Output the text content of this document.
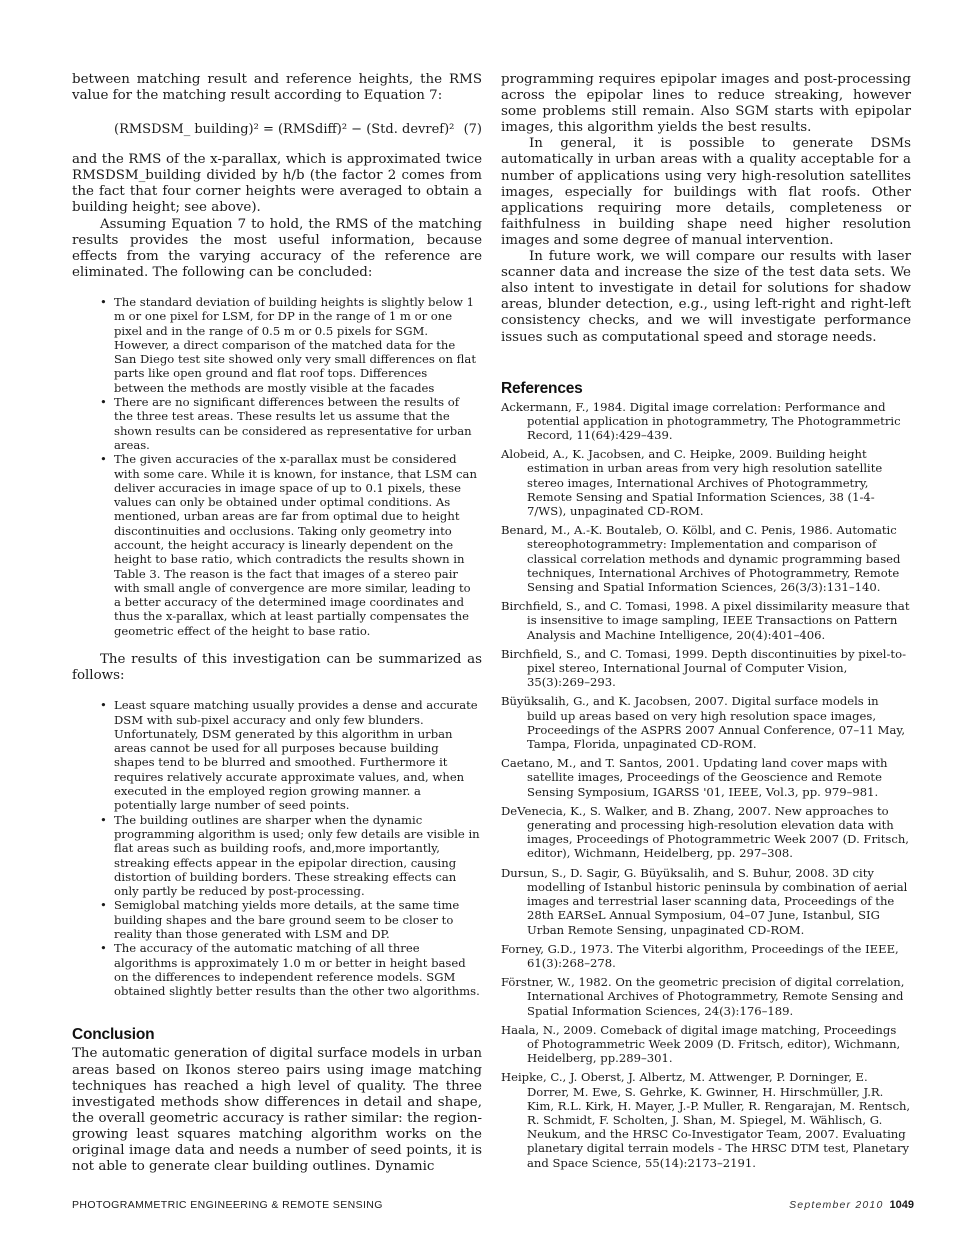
between matching result and reference heights, the RMS value for the matching result according to Equation 7:

(RMSDSM_ building)² = (RMSdiff)² − (Std. devref)² (7)

and the RMS of the x-parallax, which is approximated twice RMSDSM_building divided by h/b (the factor 2 comes from the fact that four corner heights were averaged to obtain a building height; see above).

Assuming Equation 7 to hold, the RMS of the matching results provides the most useful information, because effects from the varying accuracy of the reference are eliminated. The following can be concluded:

• The standard deviation of building heights is slightly below 1 m or one pixel for LSM, for DP in the range of 1 m or one pixel and in the range of 0.5 m or 0.5 pixels for SGM. However, a direct comparison of the matched data for the San Diego test site showed only very small differences on flat parts like open ground and flat roof tops. Differences between the methods are mostly visible at the facades
• There are no significant differences between the results of the three test areas. These results let us assume that the shown results can be considered as representative for urban areas.
• The given accuracies of the x-parallax must be considered with some care. While it is known, for instance, that LSM can deliver accuracies in image space of up to 0.1 pixels, these values can only be obtained under optimal conditions. As mentioned, urban areas are far from optimal due to height discontinuities and occlusions. Taking only geometry into account, the height accuracy is linearly dependent on the height to base ratio, which contradicts the results shown in Table 3. The reason is the fact that images of a stereo pair with small angle of convergence are more similar, leading to a better accuracy of the determined image coordinates and thus the x-parallax, which at least partially compensates the geometric effect of the height to base ratio.

The results of this investigation can be summarized as follows:

• Least square matching usually provides a dense and accurate DSM with sub-pixel accuracy and only few blunders. Unfortunately, DSM generated by this algorithm in urban areas cannot be used for all purposes because building shapes tend to be blurred and smoothed. Furthermore it requires relatively accurate approximate values, and, when executed in the employed region growing manner. a potentially large number of seed points.
• The building outlines are sharper when the dynamic programming algorithm is used; only few details are visible in flat areas such as building roofs, and,more importantly, streaking effects appear in the epipolar direction, causing distortion of building borders. These streaking effects can only partly be reduced by post-processing.
• Semiglobal matching yields more details, at the same time building shapes and the bare ground seem to be closer to reality than those generated with LSM and DP.
• The accuracy of the automatic matching of all three algorithms is approximately 1.0 m or better in height based on the differences to independent reference models. SGM obtained slightly better results than the other two algorithms.
Conclusion

The automatic generation of digital surface models in urban areas based on Ikonos stereo pairs using image matching techniques has reached a high level of quality. The three investigated methods show differences in detail and shape, the overall geometric accuracy is rather similar: the region-growing least squares matching algorithm works on the original image data and needs a number of seed points, it is not able to generate clear building outlines. Dynamic

programming requires epipolar images and post-processing across the epipolar lines to reduce streaking, however some problems still remain. Also SGM starts with epipolar images, this algorithm yields the best results.

In general, it is possible to generate DSMs automatically in urban areas with a quality acceptable for a number of applications using very high-resolution satellites images, especially for buildings with flat roofs. Other applications requiring more details, completeness or faithfulness in building shape need higher resolution images and some degree of manual intervention.

In future work, we will compare our results with laser scanner data and increase the size of the test data sets. We also intent to investigate in detail for solutions for shadow areas, blunder detection, e.g., using left-right and right-left consistency checks, and we will investigate performance issues such as computational speed and storage needs.

References

Ackermann, F., 1984. Digital image correlation: Performance and potential application in photogrammetry, The Photogrammetric Record, 11(64):429–439.

Alobeid, A., K. Jacobsen, and C. Heipke, 2009. Building height estimation in urban areas from very high resolution satellite stereo images, International Archives of Photogrammetry, Remote Sensing and Spatial Information Sciences, 38 (1-4-7/WS), unpaginated CD-ROM.

Benard, M., A.-K. Boutaleb, O. Kölbl, and C. Penis, 1986. Automatic stereophotogrammetry: Implementation and comparison of classical correlation methods and dynamic programming based techniques, International Archives of Photogrammetry, Remote Sensing and Spatial Information Sciences, 26(3/3):131–140.

Birchfield, S., and C. Tomasi, 1998. A pixel dissimilarity measure that is insensitive to image sampling, IEEE Transactions on Pattern Analysis and Machine Intelligence, 20(4):401–406.

Birchfield, S., and C. Tomasi, 1999. Depth discontinuities by pixel-to-pixel stereo, International Journal of Computer Vision, 35(3):269–293.

Büyüksalih, G., and K. Jacobsen, 2007. Digital surface models in build up areas based on very high resolution space images, Proceedings of the ASPRS 2007 Annual Conference, 07–11 May, Tampa, Florida, unpaginated CD-ROM.

Caetano, M., and T. Santos, 2001. Updating land cover maps with satellite images, Proceedings of the Geoscience and Remote Sensing Symposium, IGARSS '01, IEEE, Vol.3, pp. 979–981.

DeVenecia, K., S. Walker, and B. Zhang, 2007. New approaches to generating and processing high-resolution elevation data with images, Proceedings of Photogrammetric Week 2007 (D. Fritsch, editor), Wichmann, Heidelberg, pp. 297–308.

Dursun, S., D. Sagir, G. Büyüksalih, and S. Buhur, 2008. 3D city modelling of Istanbul historic peninsula by combination of aerial images and terrestrial laser scanning data, Proceedings of the 28th EARSeL Annual Symposium, 04–07 June, Istanbul, SIG Urban Remote Sensing, unpaginated CD-ROM.

Forney, G.D., 1973. The Viterbi algorithm, Proceedings of the IEEE, 61(3):268–278.

Förstner, W., 1982. On the geometric precision of digital correlation, International Archives of Photogrammetry, Remote Sensing and Spatial Information Sciences, 24(3):176–189.

Haala, N., 2009. Comeback of digital image matching, Proceedings of Photogrammetric Week 2009 (D. Fritsch, editor), Wichmann, Heidelberg, pp.289–301.

Heipke, C., J. Oberst, J. Albertz, M. Attwenger, P. Dorninger, E. Dorrer, M. Ewe, S. Gehrke, K. Gwinner, H. Hirschmüller, J.R. Kim, R.L. Kirk, H. Mayer, J.-P. Muller, R. Rengarajan, M. Rentsch, R. Schmidt, F. Scholten, J. Shan, M. Spiegel, M. Wählisch, G. Neukum, and the HRSC Co-Investigator Team, 2007. Evaluating planetary digital terrain models - The HRSC DTM test, Planetary and Space Science, 55(14):2173–2191.

PHOTOGRAMMETRIC ENGINEERING & REMOTE SENSING	September 2010 1049
